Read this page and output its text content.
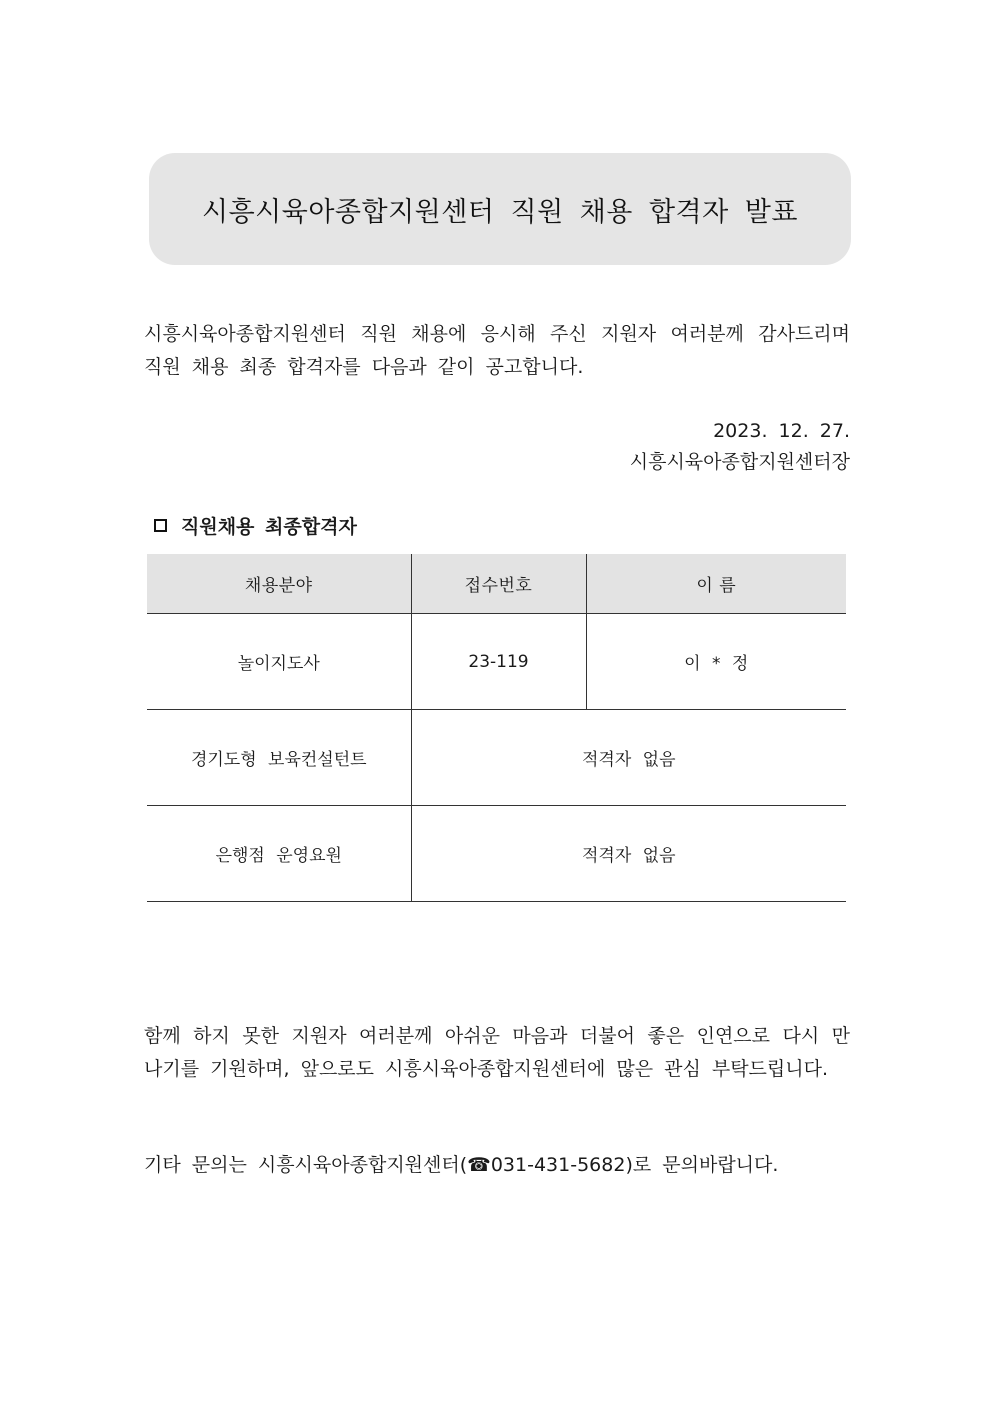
시흥시육아종합지원센터 직원 채용 합격자 발표

시흥시육아종합지원센터 직원 채용에 응시해 주신 지원자 여러분께 감사드리며 직원 채용 최종 합격자를 다음과 같이 공고합니다.

2023. 12. 27.
시흥시육아종합지원센터장
직원채용 최종합격자
채용분야	접수번호	이 름
놀이지도사	23-119	이 * 정
경기도형 보육컨설턴트	적격자 없음	
은행점 운영요원	적격자 없음	

함께 하지 못한 지원자 여러분께 아쉬운 마음과 더불어 좋은 인연으로 다시 만나기를 기원하며, 앞으로도 시흥시육아종합지원센터에 많은 관심 부탁드립니다.

기타 문의는 시흥시육아종합지원센터(☎031-431-5682)로 문의바랍니다.
